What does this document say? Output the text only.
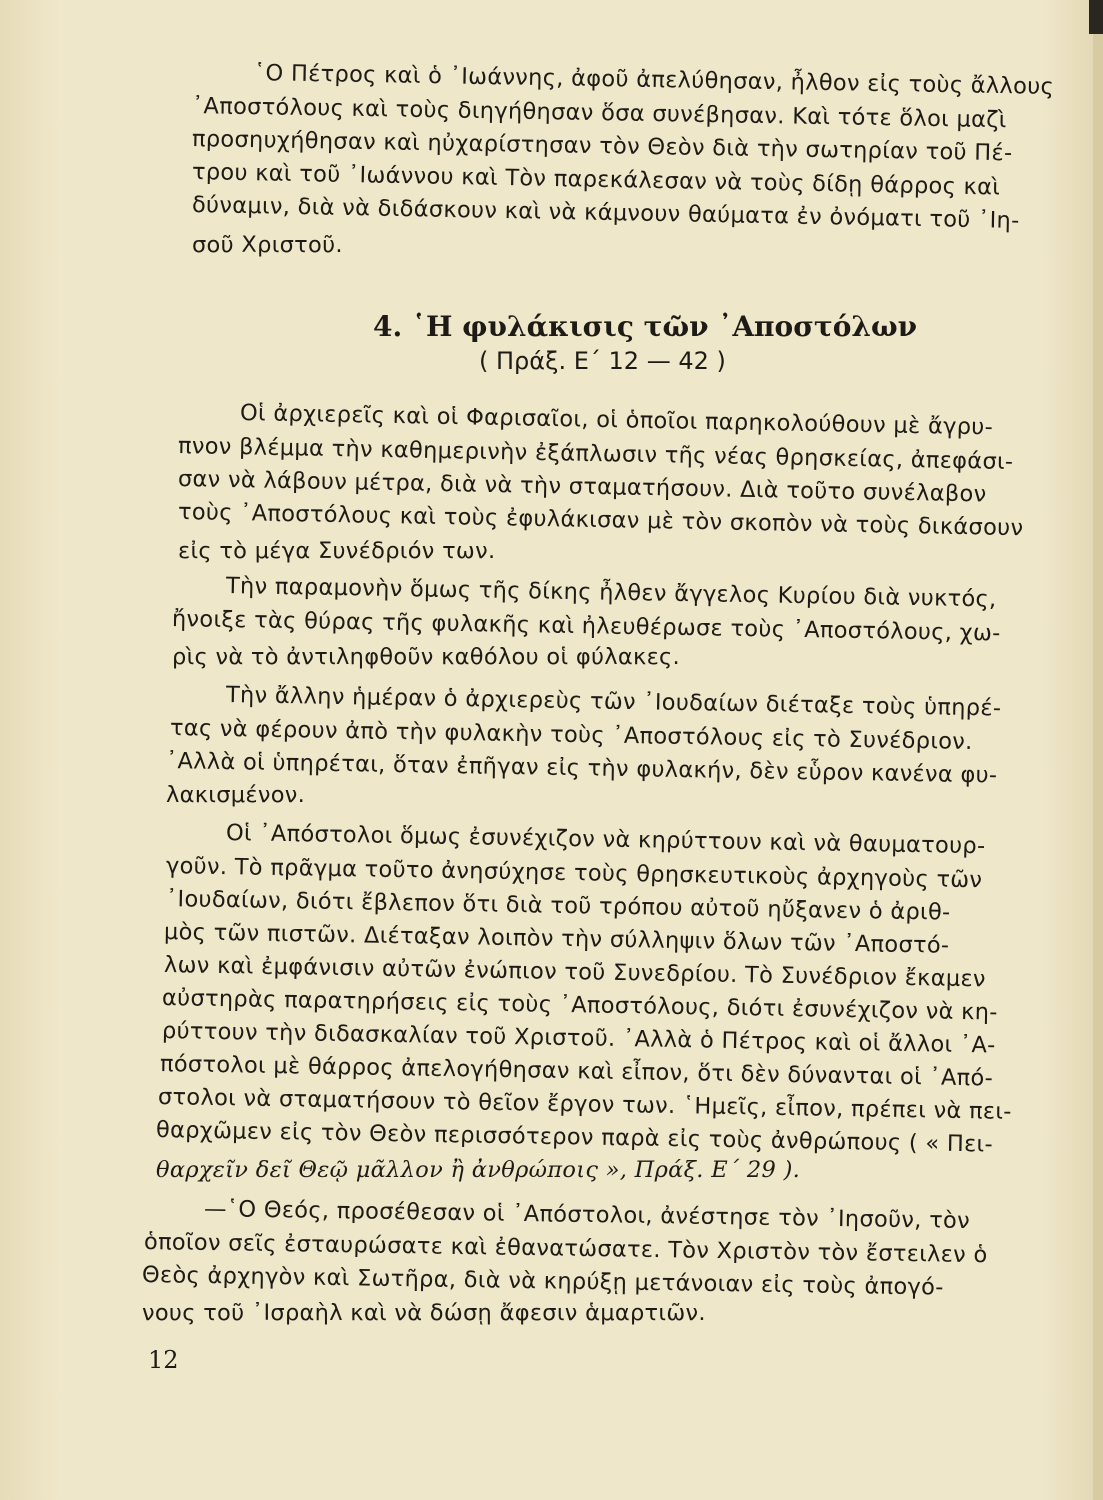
῾Ο Πέτρος καὶ ὁ ᾽Ιωάννης, ἀφοῦ ἀπελύθησαν, ἦλθον εἰς τοὺς ἄλλους
᾽Αποστόλους καὶ τοὺς διηγήθησαν ὅσα συνέβησαν. Καὶ τότε ὅλοι μαζὶ
προσηυχήθησαν καὶ ηὐχαρίστησαν τὸν Θεὸν διὰ τὴν σωτηρίαν τοῦ Πέ-
τρου καὶ τοῦ ᾽Ιωάννου καὶ Τὸν παρεκάλεσαν νὰ τοὺς δίδῃ θάρρος καὶ
δύναμιν, διὰ νὰ διδάσκουν καὶ νὰ κάμνουν θαύματα ἐν ὀνόματι τοῦ ᾽Ιη-
σοῦ Χριστοῦ.
4. ῾Η φυλάκισις τῶν ᾽Αποστόλων
( Πράξ. Ε΄ 12 — 42 )
Οἱ ἀρχιερεῖς καὶ οἱ Φαρισαῖοι, οἱ ὁποῖοι παρηκολούθουν μὲ ἄγρυ-
πνον βλέμμα τὴν καθημερινὴν ἐξάπλωσιν τῆς νέας θρησκείας, ἀπεφάσι-
σαν νὰ λάβουν μέτρα, διὰ νὰ τὴν σταματήσουν. Διὰ τοῦτο συνέλαβον
τοὺς ᾽Αποστόλους καὶ τοὺς ἐφυλάκισαν μὲ τὸν σκοπὸν νὰ τοὺς δικάσουν
εἰς τὸ μέγα Συνέδριόν των.
Τὴν παραμονὴν ὅμως τῆς δίκης ἦλθεν ἄγγελος Κυρίου διὰ νυκτός,
ἤνοιξε τὰς θύρας τῆς φυλακῆς καὶ ἠλευθέρωσε τοὺς ᾽Αποστόλους, χω-
ρὶς νὰ τὸ ἀντιληφθοῦν καθόλου οἱ φύλακες.
Τὴν ἄλλην ἡμέραν ὁ ἀρχιερεὺς τῶν ᾽Ιουδαίων διέταξε τοὺς ὑπηρέ-
τας νὰ φέρουν ἀπὸ τὴν φυλακὴν τοὺς ᾽Αποστόλους εἰς τὸ Συνέδριον.
᾽Αλλὰ οἱ ὑπηρέται, ὅταν ἐπῆγαν εἰς τὴν φυλακήν, δὲν εὗρον κανένα φυ-
λακισμένον.
Οἱ ᾽Απόστολοι ὅμως ἐσυνέχιζον νὰ κηρύττουν καὶ νὰ θαυματουρ-
γοῦν. Τὸ πρᾶγμα τοῦτο ἀνησύχησε τοὺς θρησκευτικοὺς ἀρχηγοὺς τῶν
᾽Ιουδαίων, διότι ἔβλεπον ὅτι διὰ τοῦ τρόπου αὐτοῦ ηὔξανεν ὁ ἀριθ-
μὸς τῶν πιστῶν. Διέταξαν λοιπὸν τὴν σύλληψιν ὅλων τῶν ᾽Αποστό-
λων καὶ ἐμφάνισιν αὐτῶν ἐνώπιον τοῦ Συνεδρίου. Τὸ Συνέδριον ἔκαμεν
αὐστηρὰς παρατηρήσεις εἰς τοὺς ᾽Αποστόλους, διότι ἐσυνέχιζον νὰ κη-
ρύττουν τὴν διδασκαλίαν τοῦ Χριστοῦ. ᾽Αλλὰ ὁ Πέτρος καὶ οἱ ἄλλοι ᾽Α-
πόστολοι μὲ θάρρος ἀπελογήθησαν καὶ εἶπον, ὅτι δὲν δύνανται οἱ ᾽Από-
στολοι νὰ σταματήσουν τὸ θεῖον ἔργον των. ῾Ημεῖς, εἶπον, πρέπει νὰ πει-
θαρχῶμεν εἰς τὸν Θεὸν περισσότερον παρὰ εἰς τοὺς ἀνθρώπους ( « Πει-
θαρχεῖν δεῖ Θεῷ μᾶλλον ἢ ἀνθρώποις », Πράξ. Ε΄ 29 ).
—῾Ο Θεός, προσέθεσαν οἱ ᾽Απόστολοι, ἀνέστησε τὸν ᾽Ιησοῦν, τὸν
ὁποῖον σεῖς ἐσταυρώσατε καὶ ἐθανατώσατε. Τὸν Χριστὸν τὸν ἔστειλεν ὁ
Θεὸς ἀρχηγὸν καὶ Σωτῆρα, διὰ νὰ κηρύξῃ μετάνοιαν εἰς τοὺς ἀπογό-
νους τοῦ ᾽Ισραὴλ καὶ νὰ δώσῃ ἄφεσιν ἁμαρτιῶν.
12
